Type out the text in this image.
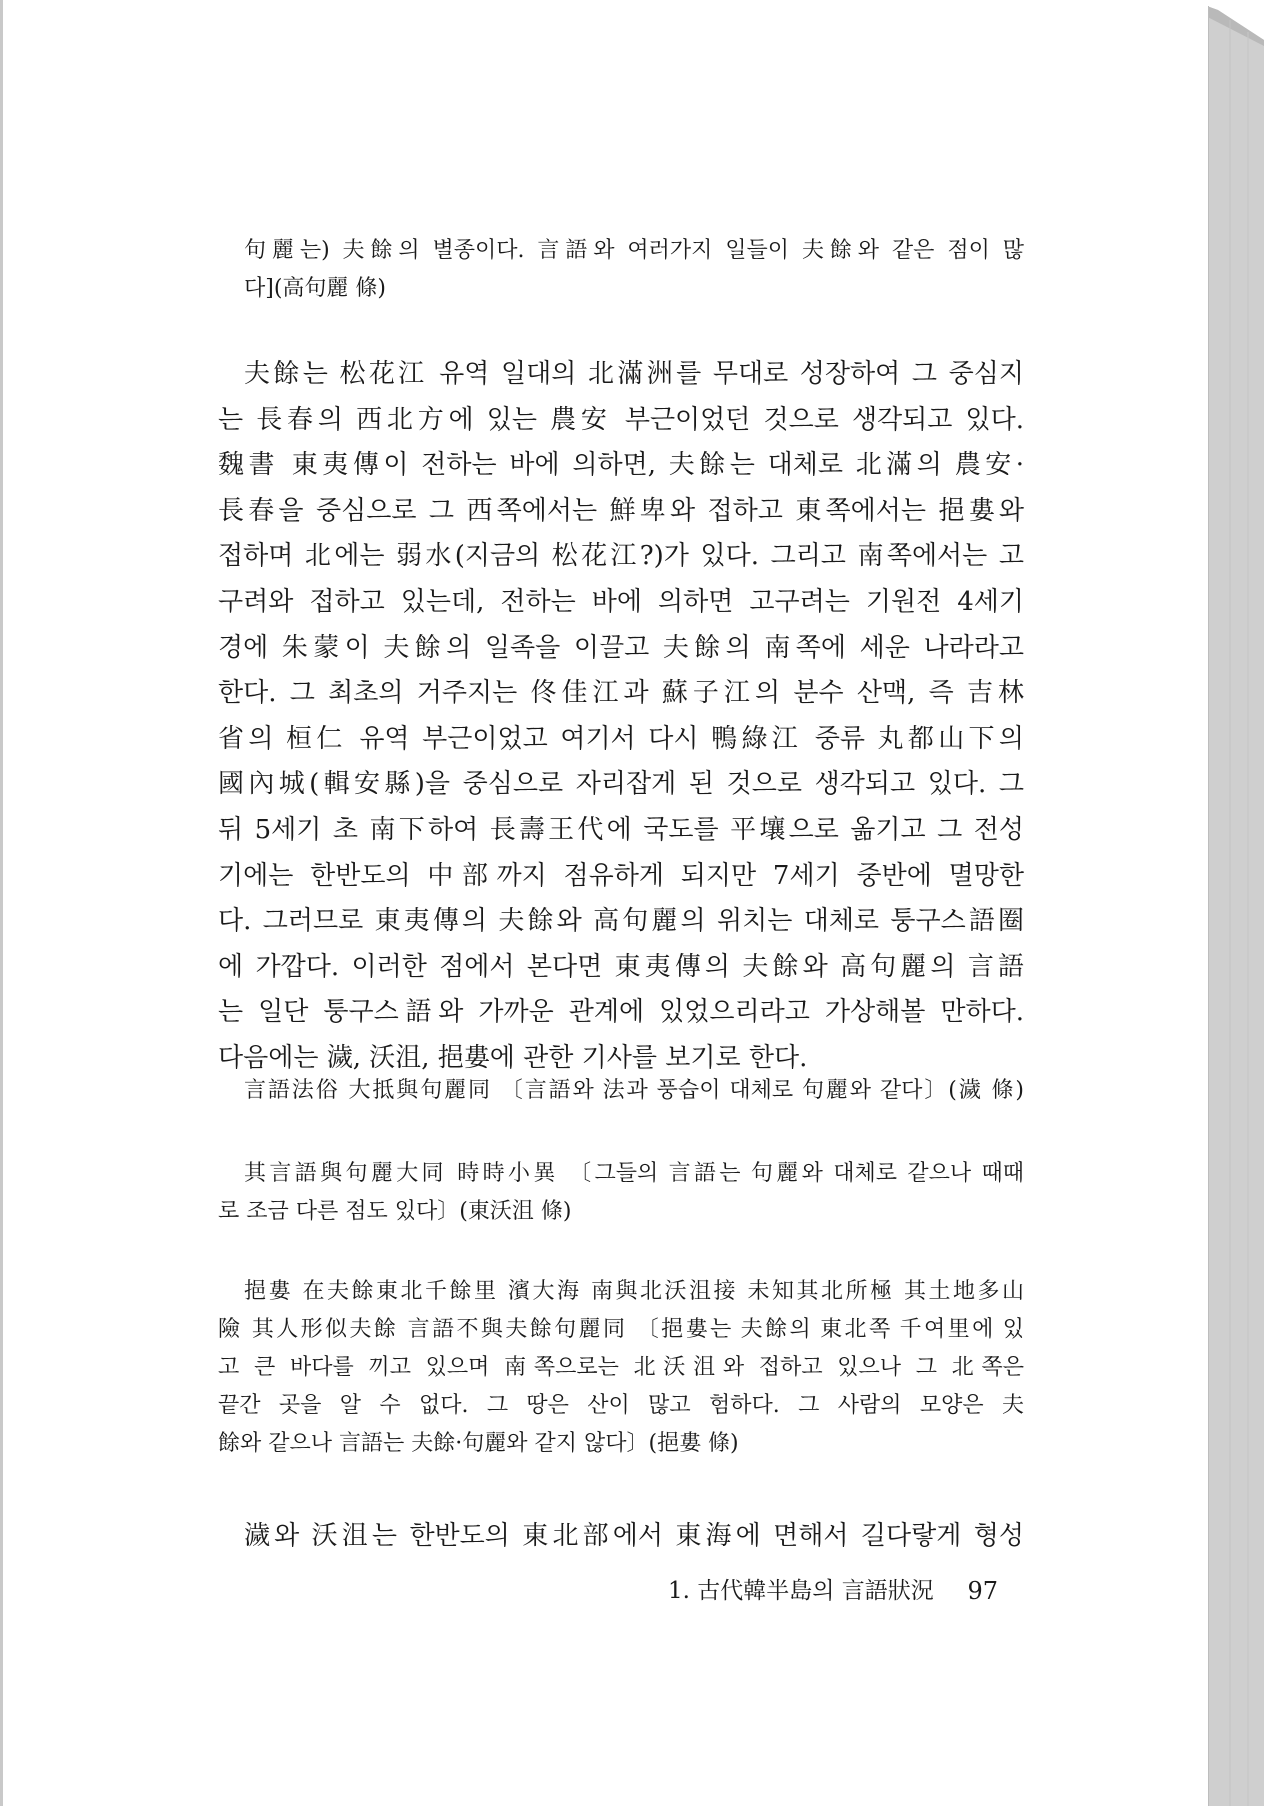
句麗는) 夫餘의 별종이다. 言語와 여러가지 일들이 夫餘와 같은 점이 많
다](高句麗 條)
夫餘는 松花江 유역 일대의 北滿洲를 무대로 성장하여 그 중심지
는 長春의 西北方에 있는 農安 부근이었던 것으로 생각되고 있다.
魏書 東夷傳이 전하는 바에 의하면, 夫餘는 대체로 北滿의 農安·
長春을 중심으로 그 西쪽에서는 鮮卑와 접하고 東쪽에서는 挹婁와
접하며 北에는 弱水(지금의 松花江?)가 있다. 그리고 南쪽에서는 고
구려와 접하고 있는데, 전하는 바에 의하면 고구려는 기원전 4세기
경에 朱蒙이 夫餘의 일족을 이끌고 夫餘의 南쪽에 세운 나라라고
한다. 그 최초의 거주지는 佟佳江과 蘇子江의 분수 산맥, 즉 吉林
省의 桓仁 유역 부근이었고 여기서 다시 鴨綠江 중류 丸都山下의
國內城(輯安縣)을 중심으로 자리잡게 된 것으로 생각되고 있다. 그
뒤 5세기 초 南下하여 長壽王代에 국도를 平壤으로 옮기고 그 전성
기에는 한반도의 中部까지 점유하게 되지만 7세기 중반에 멸망한
다. 그러므로 東夷傳의 夫餘와 高句麗의 위치는 대체로 퉁구스語圈
에 가깝다. 이러한 점에서 본다면 東夷傳의 夫餘와 高句麗의 言語
는 일단 퉁구스語와 가까운 관계에 있었으리라고 가상해볼 만하다.
다음에는 濊, 沃沮, 挹婁에 관한 기사를 보기로 한다.
言語法俗 大抵與句麗同 〔言語와 法과 풍습이 대체로 句麗와 같다〕(濊 條)
其言語與句麗大同 時時小異 〔그들의 言語는 句麗와 대체로 같으나 때때
로 조금 다른 점도 있다〕(東沃沮 條)
挹婁 在夫餘東北千餘里 濱大海 南與北沃沮接 未知其北所極 其土地多山
險 其人形似夫餘 言語不與夫餘句麗同 〔挹婁는 夫餘의 東北쪽 千여里에 있
고 큰 바다를 끼고 있으며 南쪽으로는 北沃沮와 접하고 있으나 그 北쪽은
끝간 곳을 알 수 없다. 그 땅은 산이 많고 험하다. 그 사람의 모양은 夫
餘와 같으나 言語는 夫餘·句麗와 같지 않다〕(挹婁 條)
濊와 沃沮는 한반도의 東北部에서 東海에 면해서 길다랗게 형성
1. 古代韓半島의 言語狀況 97
